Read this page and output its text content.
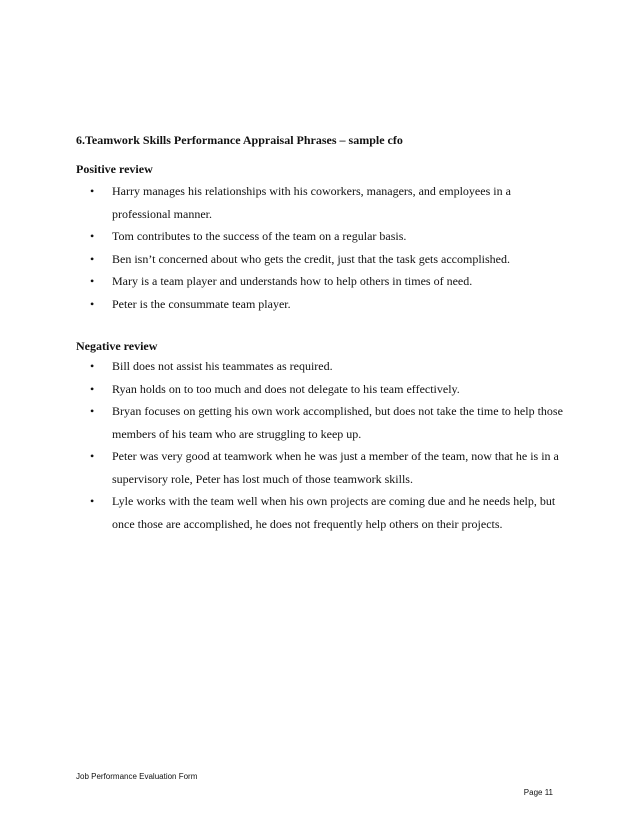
6.Teamwork Skills Performance Appraisal Phrases – sample cfo
Positive review
• Harry manages his relationships with his coworkers, managers, and employees in a professional manner.
• Tom contributes to the success of the team on a regular basis.
• Ben isn’t concerned about who gets the credit, just that the task gets accomplished.
• Mary is a team player and understands how to help others in times of need.
• Peter is the consummate team player.
Negative review
• Bill does not assist his teammates as required.
• Ryan holds on to too much and does not delegate to his team effectively.
• Bryan focuses on getting his own work accomplished, but does not take the time to help those members of his team who are struggling to keep up.
• Peter was very good at teamwork when he was just a member of the team, now that he is in a supervisory role, Peter has lost much of those teamwork skills.
• Lyle works with the team well when his own projects are coming due and he needs help, but once those are accomplished, he does not frequently help others on their projects.
Job Performance Evaluation Form
Page 11
